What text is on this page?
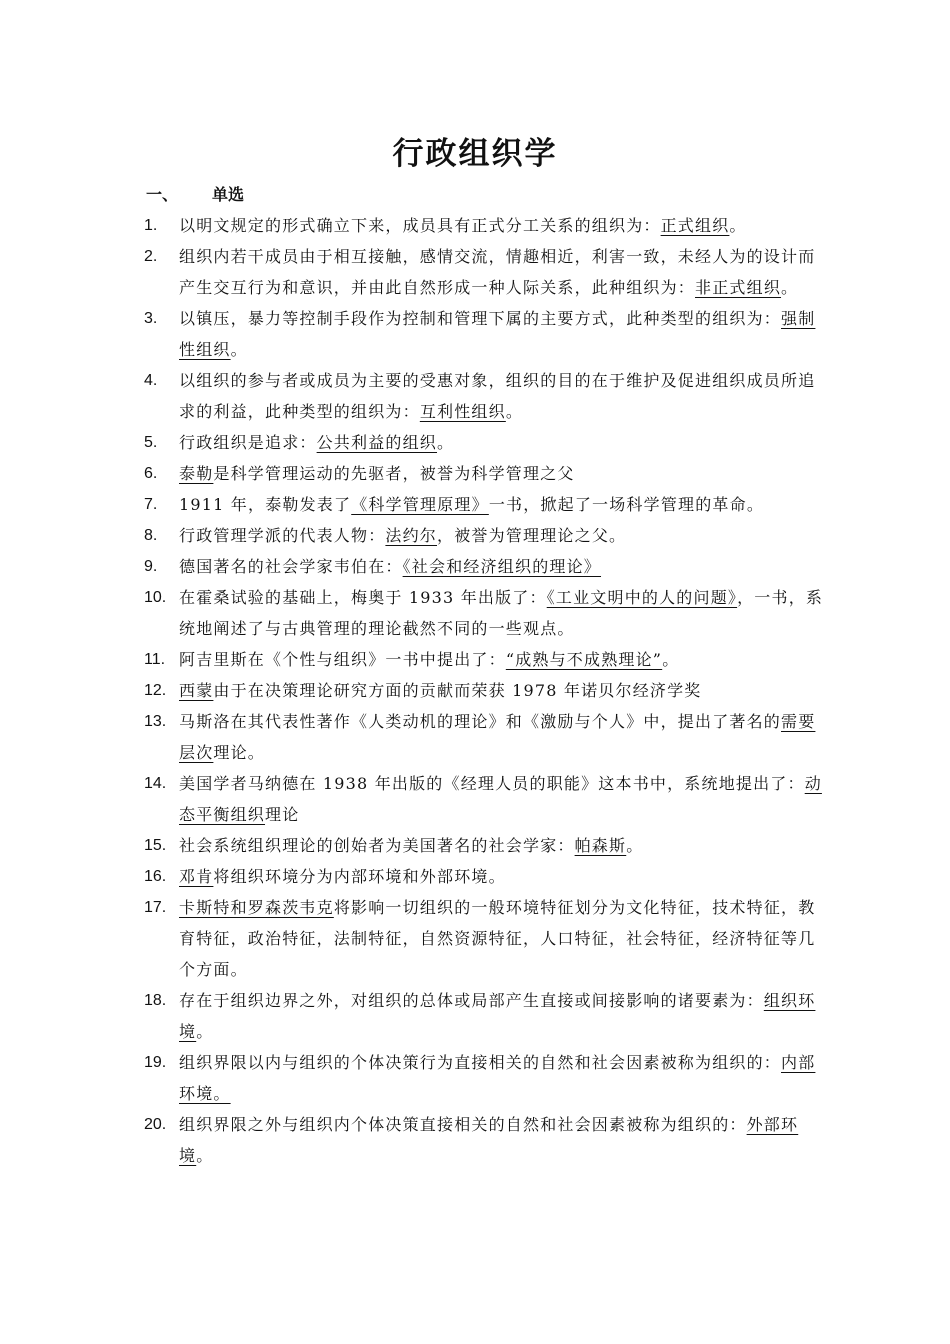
行政组织学
一、 单选
1. 以明文规定的形式确立下来，成员具有正式分工关系的组织为：正式组织。
2. 组织内若干成员由于相互接触，感情交流，情趣相近，利害一致，未经人为的设计而产生交互行为和意识，并由此自然形成一种人际关系，此种组织为：非正式组织。
3. 以镇压，暴力等控制手段作为控制和管理下属的主要方式，此种类型的组织为：强制性组织。
4. 以组织的参与者或成员为主要的受惠对象，组织的目的在于维护及促进组织成员所追求的利益，此种类型的组织为：互利性组织。
5. 行政组织是追求：公共利益的组织。
6. 泰勒是科学管理运动的先驱者，被誉为科学管理之父
7. 1911 年，泰勒发表了《科学管理原理》一书，掀起了一场科学管理的革命。
8. 行政管理学派的代表人物：法约尔，被誉为管理理论之父。
9. 德国著名的社会学家韦伯在：《社会和经济组织的理论》
10. 在霍桑试验的基础上，梅奥于 1933 年出版了：《工业文明中的人的问题》，一书，系统地阐述了与古典管理的理论截然不同的一些观点。
11. 阿吉里斯在《个性与组织》一书中提出了：“成熟与不成熟理论”。
12. 西蒙由于在决策理论研究方面的贡献而荣获 1978 年诺贝尔经济学奖
13. 马斯洛在其代表性著作《人类动机的理论》和《激励与个人》中，提出了著名的需要层次理论。
14. 美国学者马纳德在 1938 年出版的《经理人员的职能》这本书中，系统地提出了：动态平衡组织理论
15. 社会系统组织理论的创始者为美国著名的社会学家：帕森斯。
16. 邓肯将组织环境分为内部环境和外部环境。
17. 卡斯特和罗森茨韦克将影响一切组织的一般环境特征划分为文化特征，技术特征，教育特征，政治特征，法制特征，自然资源特征，人口特征，社会特征，经济特征等几个方面。
18. 存在于组织边界之外，对组织的总体或局部产生直接或间接影响的诸要素为：组织环境。
19. 组织界限以内与组织的个体决策行为直接相关的自然和社会因素被称为组织的：内部环境。
20. 组织界限之外与组织内个体决策直接相关的自然和社会因素被称为组织的：外部环境。
